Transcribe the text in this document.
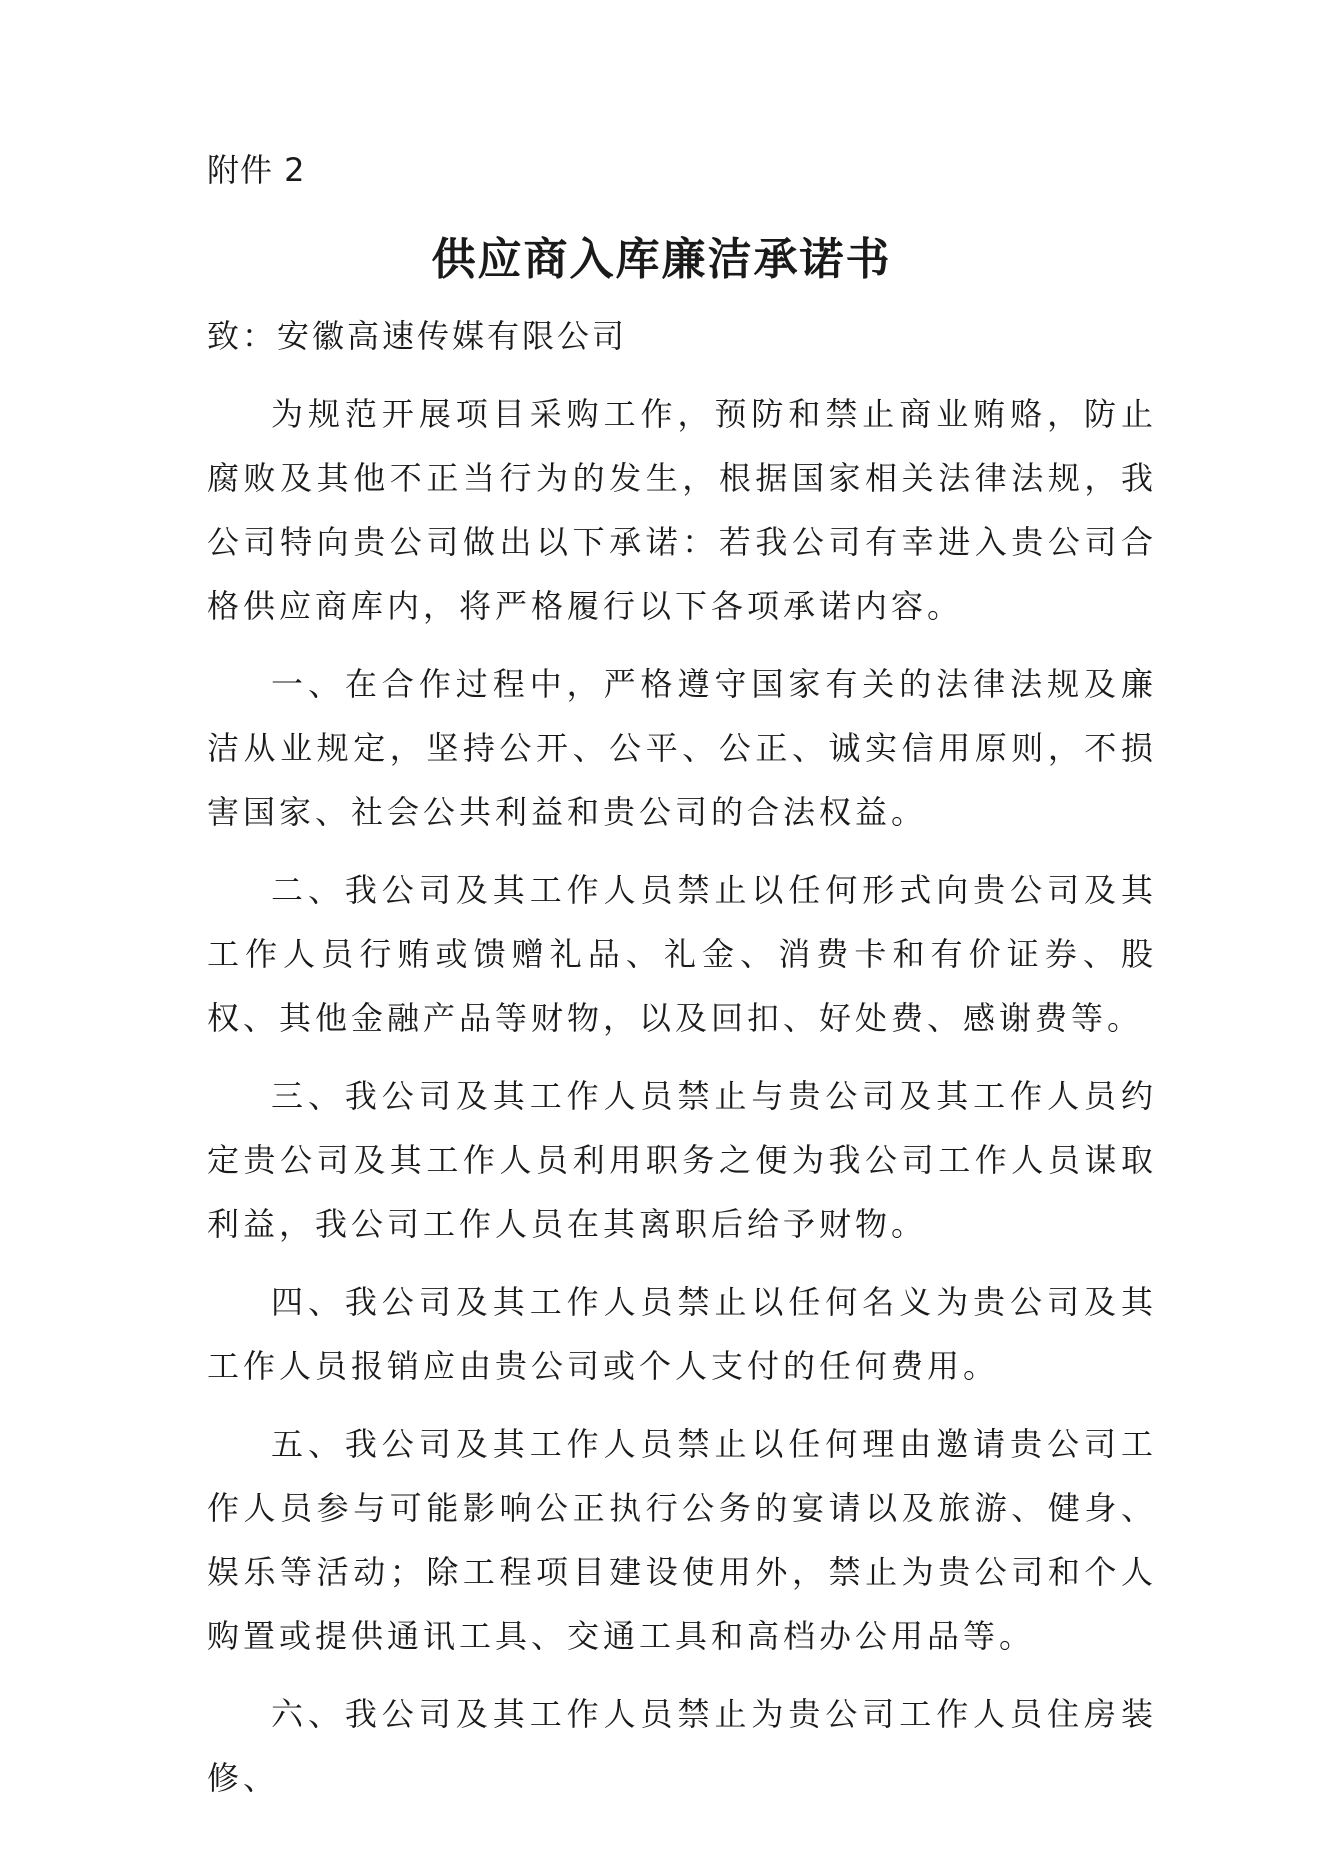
附件 2
供应商入库廉洁承诺书
致：安徽高速传媒有限公司

为规范开展项目采购工作，预防和禁止商业贿赂，防止腐败及其他不正当行为的发生，根据国家相关法律法规，我公司特向贵公司做出以下承诺：若我公司有幸进入贵公司合格供应商库内，将严格履行以下各项承诺内容。

一、在合作过程中，严格遵守国家有关的法律法规及廉洁从业规定，坚持公开、公平、公正、诚实信用原则，不损害国家、社会公共利益和贵公司的合法权益。

二、我公司及其工作人员禁止以任何形式向贵公司及其工作人员行贿或馈赠礼品、礼金、消费卡和有价证券、股权、其他金融产品等财物，以及回扣、好处费、感谢费等。

三、我公司及其工作人员禁止与贵公司及其工作人员约定贵公司及其工作人员利用职务之便为我公司工作人员谋取利益，我公司工作人员在其离职后给予财物。

四、我公司及其工作人员禁止以任何名义为贵公司及其工作人员报销应由贵公司或个人支付的任何费用。

五、我公司及其工作人员禁止以任何理由邀请贵公司工作人员参与可能影响公正执行公务的宴请以及旅游、健身、娱乐等活动；除工程项目建设使用外，禁止为贵公司和个人购置或提供通讯工具、交通工具和高档办公用品等。

六、我公司及其工作人员禁止为贵公司工作人员住房装修、
